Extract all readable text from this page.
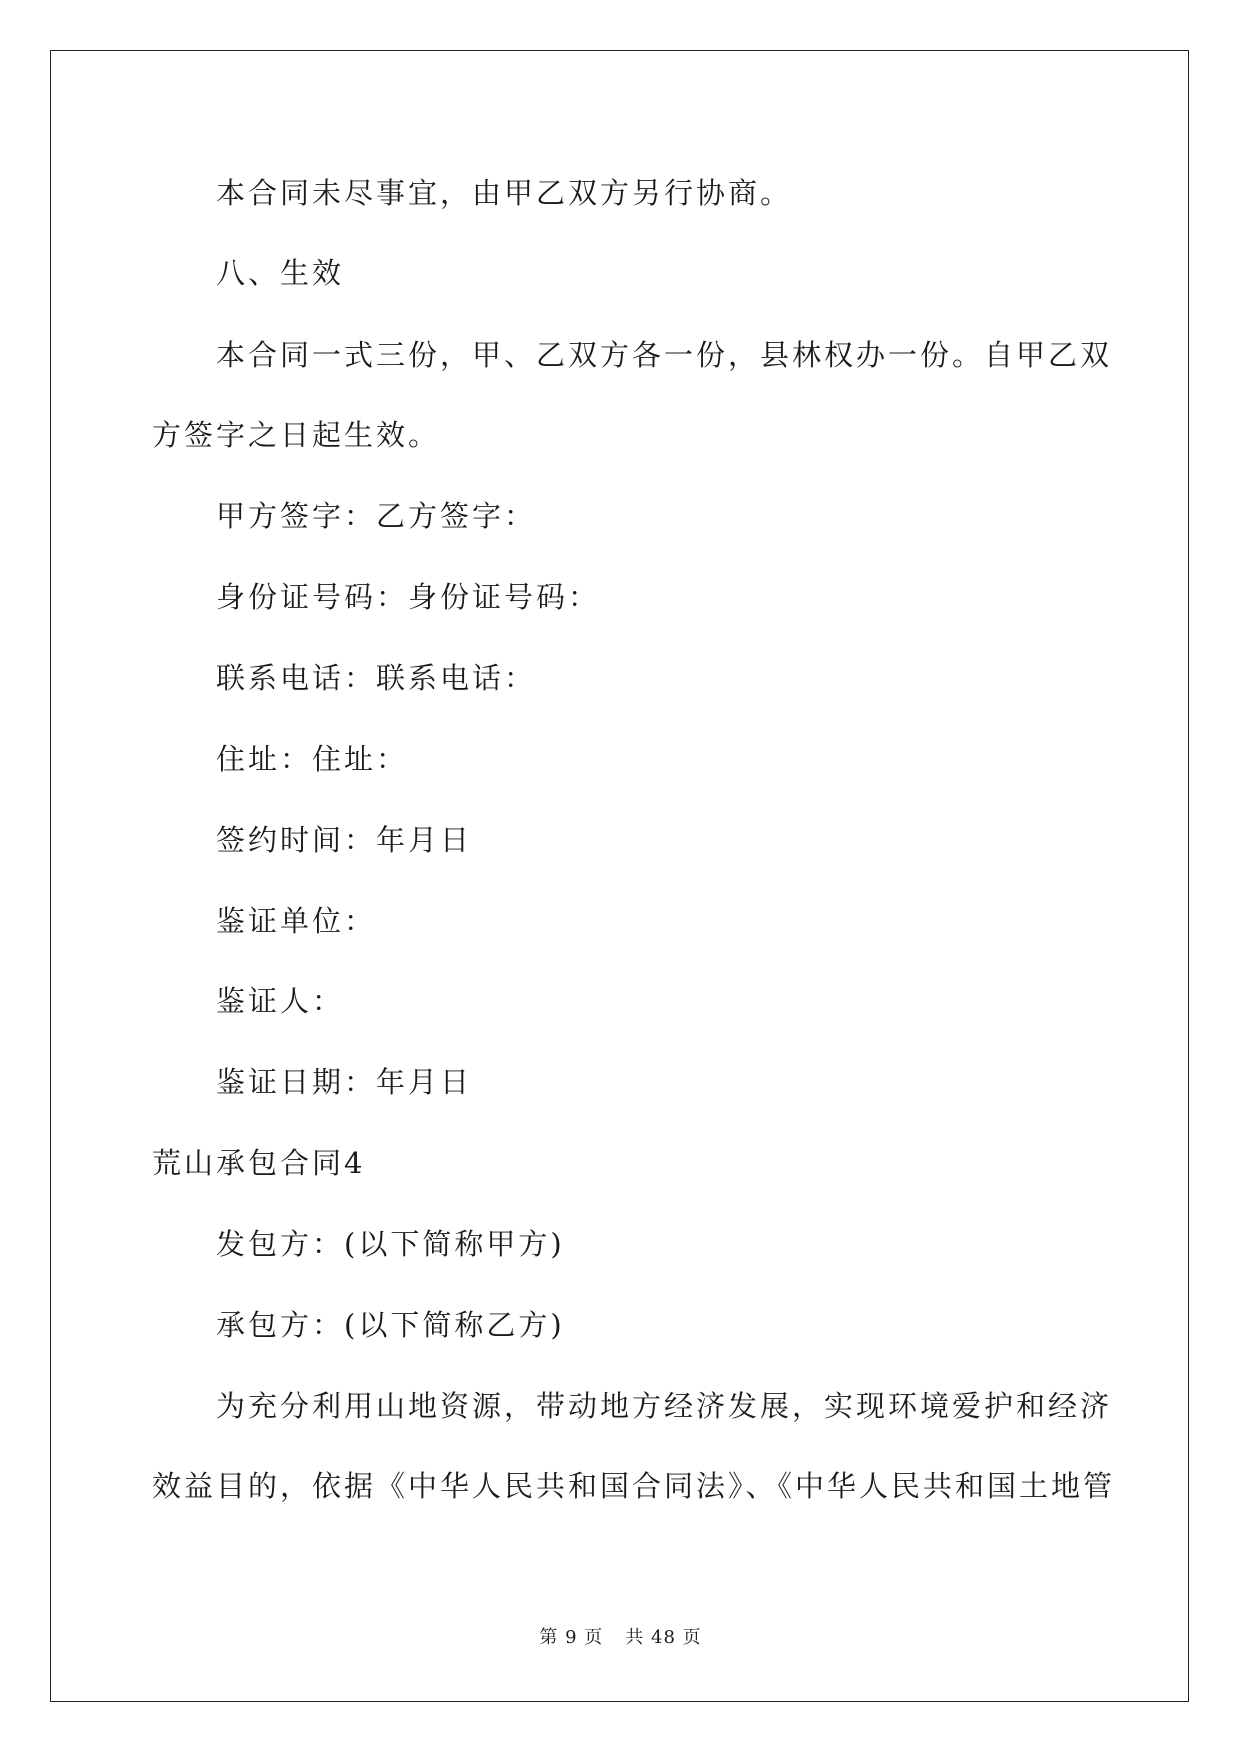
本合同未尽事宜，由甲乙双方另行协商。
八、生效
本合同一式三份，甲、乙双方各一份，县林权办一份。自甲乙双
方签字之日起生效。
甲方签字：乙方签字：
身份证号码：身份证号码：
联系电话：联系电话：
住址：住址：
签约时间：年月日
鉴证单位：
鉴证人：
鉴证日期：年月日
荒山承包合同4
发包方：(以下简称甲方)
承包方：(以下简称乙方)
为充分利用山地资源，带动地方经济发展，实现环境爱护和经济
效益目的，依据《中华人民共和国合同法》、《中华人民共和国土地管
第 9 页 共 48 页
